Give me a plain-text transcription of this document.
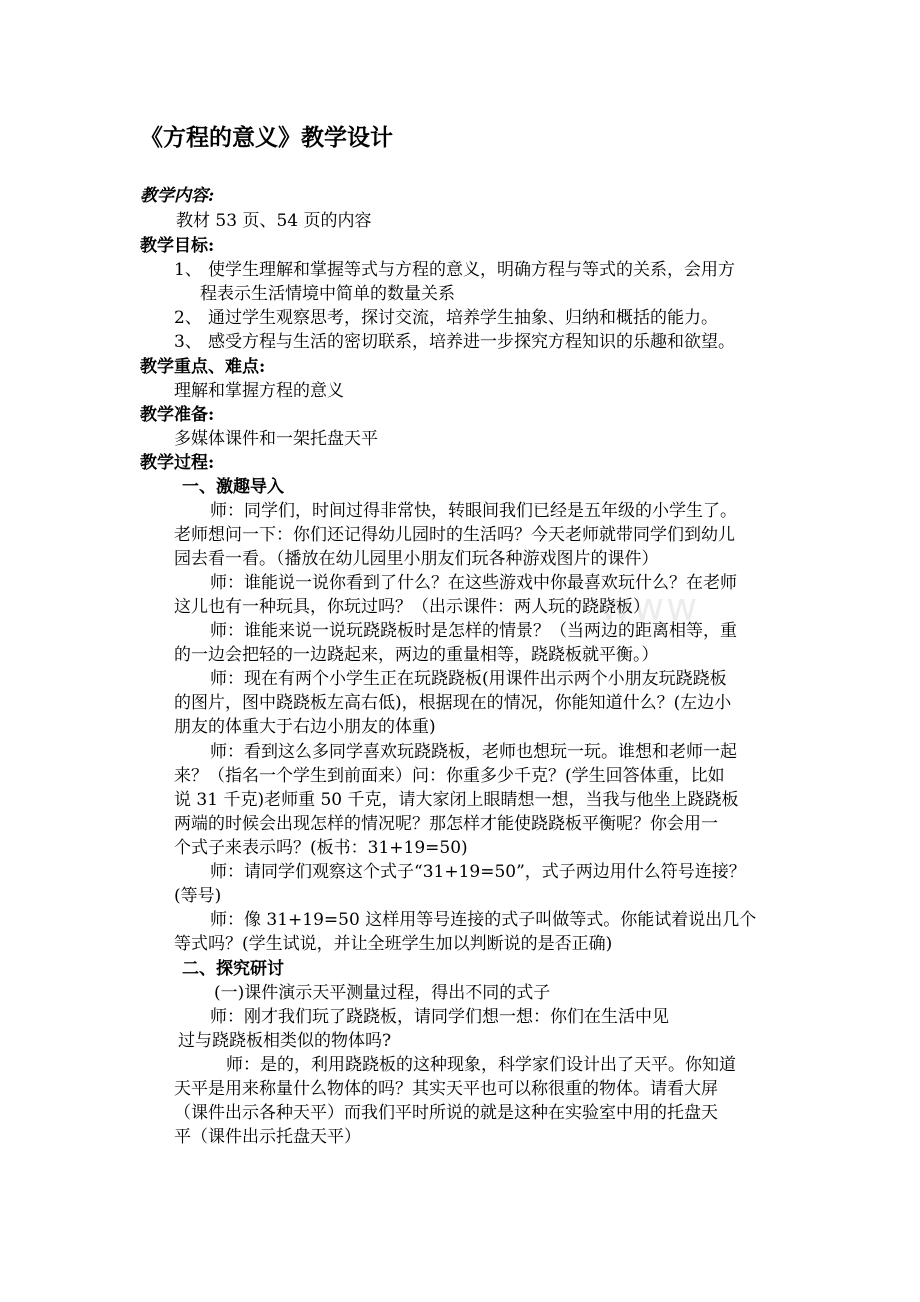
《方程的意义》教学设计
www
教学内容:
教材 53 页、54 页的内容
教学目标:
1、 使学生理解和掌握等式与方程的意义，明确方程与等式的关系，会用方
程表示生活情境中简单的数量关系
2、 通过学生观察思考，探讨交流，培养学生抽象、归纳和概括的能力。
3、 感受方程与生活的密切联系，培养进一步探究方程知识的乐趣和欲望。
教学重点、难点:
理解和掌握方程的意义
教学准备:
多媒体课件和一架托盘天平
教学过程:
一、激趣导入
师：同学们，时间过得非常快，转眼间我们已经是五年级的小学生了。
老师想问一下：你们还记得幼儿园时的生活吗？今天老师就带同学们到幼儿
园去看一看。（播放在幼儿园里小朋友们玩各种游戏图片的课件）
师：谁能说一说你看到了什么？在这些游戏中你最喜欢玩什么？在老师
这儿也有一种玩具，你玩过吗？（出示课件：两人玩的跷跷板）
师：谁能来说一说玩跷跷板时是怎样的情景？（当两边的距离相等，重
的一边会把轻的一边跷起来，两边的重量相等，跷跷板就平衡。）
师：现在有两个小学生正在玩跷跷板(用课件出示两个小朋友玩跷跷板
的图片，图中跷跷板左高右低)，根据现在的情况，你能知道什么？(左边小
朋友的体重大于右边小朋友的体重)
师：看到这么多同学喜欢玩跷跷板，老师也想玩一玩。谁想和老师一起
来？（指名一个学生到前面来）问：你重多少千克？(学生回答体重，比如
说 31 千克)老师重 50 千克，请大家闭上眼睛想一想，当我与他坐上跷跷板
两端的时候会出现怎样的情况呢？那怎样才能使跷跷板平衡呢？你会用一
个式子来表示吗？(板书：31+19=50)
师：请同学们观察这个式子“31+19=50”，式子两边用什么符号连接？
(等号)
师：像 31+19=50 这样用等号连接的式子叫做等式。你能试着说出几个
等式吗？(学生试说，并让全班学生加以判断说的是否正确)
二、探究研讨
(一)课件演示天平测量过程，得出不同的式子
师：刚才我们玩了跷跷板，请同学们想一想：你们在生活中见
过与跷跷板相类似的物体吗?
师：是的，利用跷跷板的这种现象，科学家们设计出了天平。你知道
天平是用来称量什么物体的吗？其实天平也可以称很重的物体。请看大屏
（课件出示各种天平）而我们平时所说的就是这种在实验室中用的托盘天
平（课件出示托盘天平）
